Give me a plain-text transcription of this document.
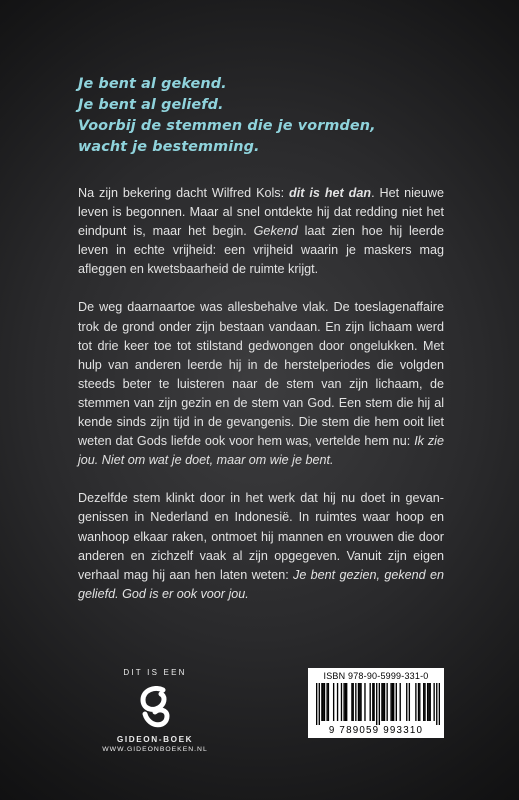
Je bent al gekend.
Je bent al geliefd.
Voorbij de stemmen die je vormden,
wacht je bestemming.

Na zijn bekering dacht Wilfred Kols: dit is het dan. Het nieuwe leven is begonnen. Maar al snel ontdekte hij dat redding niet het eindpunt is, maar het begin. Gekend laat zien hoe hij leerde leven in echte vrijheid: een vrijheid waarin je maskers mag afleggen en kwetsbaarheid de ruimte krijgt.

De weg daarnaartoe was allesbehalve vlak. De toeslagenaffaire trok de grond onder zijn bestaan vandaan. En zijn lichaam werd tot drie keer toe tot stilstand gedwongen door ongelukken. Met hulp van anderen leerde hij in de herstelperiodes die volgden steeds beter te luisteren naar de stem van zijn lichaam, de stemmen van zijn gezin en de stem van God. Een stem die hij al kende sinds zijn tijd in de gevangenis. Die stem die hem ooit liet weten dat Gods liefde ook voor hem was, vertelde hem nu: Ik zie jou. Niet om wat je doet, maar om wie je bent.

Dezelfde stem klinkt door in het werk dat hij nu doet in gevangenissen in Nederland en Indonesië. In ruimtes waar hoop en wanhoop elkaar raken, ontmoet hij mannen en vrouwen die door anderen en zichzelf vaak al zijn opgegeven. Vanuit zijn eigen verhaal mag hij aan hen laten weten: Je bent gezien, gekend en geliefd. God is er ook voor jou.

DIT IS EEN
GIDEON-BOEK
WWW.GIDEONBOEKEN.NL
ISBN 978-90-5999-331-0
9 789059 993310
